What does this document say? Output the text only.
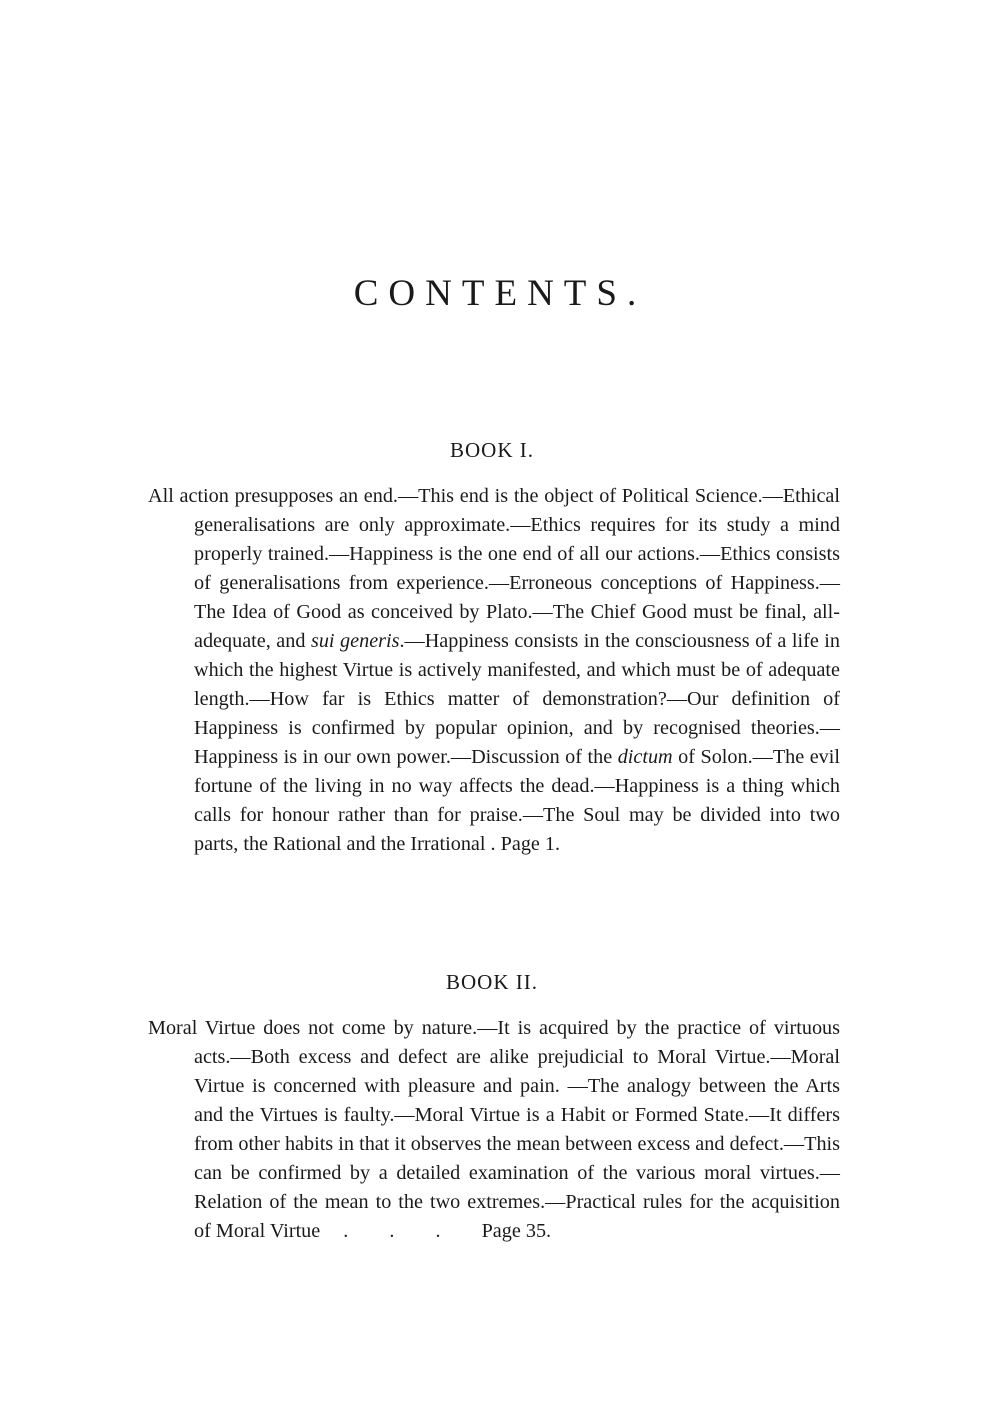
CONTENTS.
BOOK I.

All action presupposes an end.—This end is the object of Political Science.—Ethical generalisations are only approximate.—Ethics requires for its study a mind properly trained.—Happiness is the one end of all our actions.—Ethics consists of generalisations from experience.—Erroneous conceptions of Happiness.—The Idea of Good as conceived by Plato.—The Chief Good must be final, all-adequate, and sui generis.—Happiness consists in the consciousness of a life in which the highest Virtue is actively manifested, and which must be of adequate length.—How far is Ethics matter of demonstration?—Our definition of Happiness is confirmed by popular opinion, and by recognised theories.—Happiness is in our own power.—Discussion of the dictum of Solon.—The evil fortune of the living in no way affects the dead.—Happiness is a thing which calls for honour rather than for praise.—The Soul may be divided into two parts, the Rational and the Irrational . Page 1.

BOOK II.

Moral Virtue does not come by nature.—It is acquired by the practice of virtuous acts.—Both excess and defect are alike prejudicial to Moral Virtue.—Moral Virtue is concerned with pleasure and pain. —The analogy between the Arts and the Virtues is faulty.—Moral Virtue is a Habit or Formed State.—It differs from other habits in that it observes the mean between excess and defect.—This can be confirmed by a detailed examination of the various moral virtues.—Relation of the mean to the two extremes.—Practical rules for the acquisition of Moral Virtue . . . Page 35.
